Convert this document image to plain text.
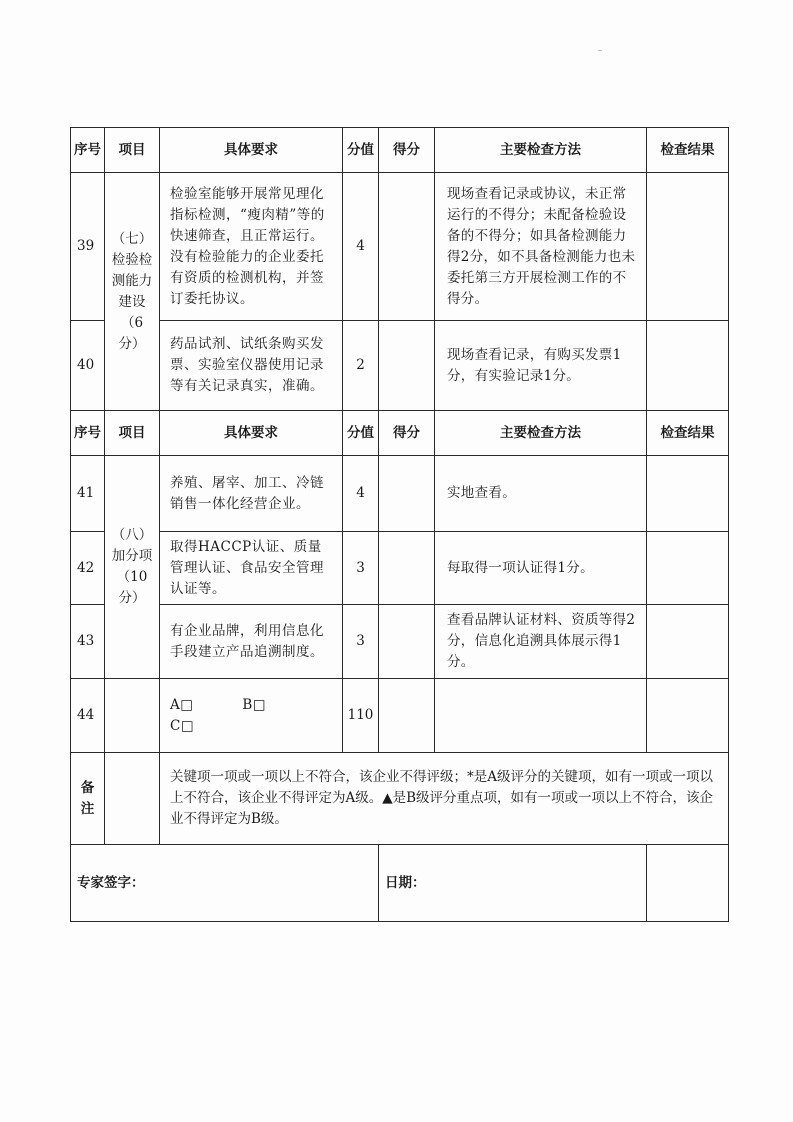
序号	项目	具体要求	分值	得分	主要检查方法	检查结果
39	（七）检验检测能力建设（6分）	检验室能够开展常见理化指标检测，“瘦肉精”等的快速筛查，且正常运行。没有检验能力的企业委托有资质的检测机构，并签订委托协议。	4		现场查看记录或协议，未正常运行的不得分；未配备检验设备的不得分；如具备检测能力得2分，如不具备检测能力也未委托第三方开展检测工作的不得分。	
40		药品试剂、试纸条购买发票、实验室仪器使用记录等有关记录真实，准确。	2		现场查看记录，有购买发票1分，有实验记录1分。	
序号	项目	具体要求	分值	得分	主要检查方法	检查结果
41	（八）加分项（10分）	养殖、屠宰、加工、冷链销售一体化经营企业。	4		实地查看。	
42		取得HACCP认证、质量管理认证、食品安全管理认证等。	3		每取得一项认证得1分。	
43		有企业品牌，利用信息化手段建立产品追溯制度。	3		查看品牌认证材料、资质等得2分，信息化追溯具体展示得1分。	
44		A□ B□ C□	110			
备注		关键项一项或一项以上不符合，该企业不得评级；*是A级评分的关键项，如有一项或一项以上不符合，该企业不得评定为A级。▲是B级评分重点项，如有一项或一项以上不符合，该企业不得评定为B级。				
专家签字：				日期：		
